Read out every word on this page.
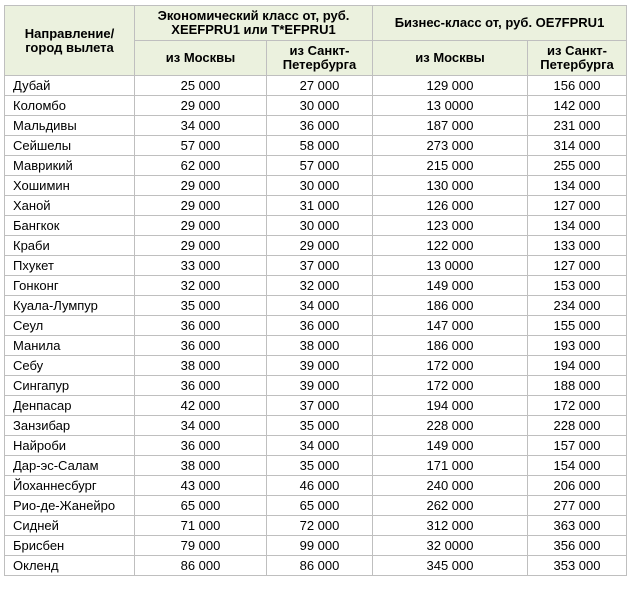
Направление/ город вылета	Экономический класс от, руб. XEEFPRU1 или T*EFPRU1		Бизнес-класс от, руб. OE7FPRU1	
	из Москвы	из Санкт-Петербурга	из Москвы	из Санкт-Петербурга
Дубай	25 000	27 000	129 000	156 000
Коломбо	29 000	30 000	13 0000	142 000
Мальдивы	34 000	36 000	187 000	231 000
Сейшелы	57 000	58 000	273 000	314 000
Маврикий	62 000	57 000	215 000	255 000
Хошимин	29 000	30 000	130 000	134 000
Ханой	29 000	31 000	126 000	127 000
Бангкок	29 000	30 000	123 000	134 000
Краби	29 000	29 000	122 000	133 000
Пхукет	33 000	37 000	13 0000	127 000
Гонконг	32 000	32 000	149 000	153 000
Куала-Лумпур	35 000	34 000	186 000	234 000
Сеул	36 000	36 000	147 000	155 000
Манила	36 000	38 000	186 000	193 000
Себу	38 000	39 000	172 000	194 000
Сингапур	36 000	39 000	172 000	188 000
Денпасар	42 000	37 000	194 000	172 000
Занзибар	34 000	35 000	228 000	228 000
Найроби	36 000	34 000	149 000	157 000
Дар-эс-Салам	38 000	35 000	171 000	154 000
Йоханнесбург	43 000	46 000	240 000	206 000
Рио-де-Жанейро	65 000	65 000	262 000	277 000
Сидней	71 000	72 000	312 000	363 000
Брисбен	79 000	99 000	32 0000	356 000
Окленд	86 000	86 000	345 000	353 000
